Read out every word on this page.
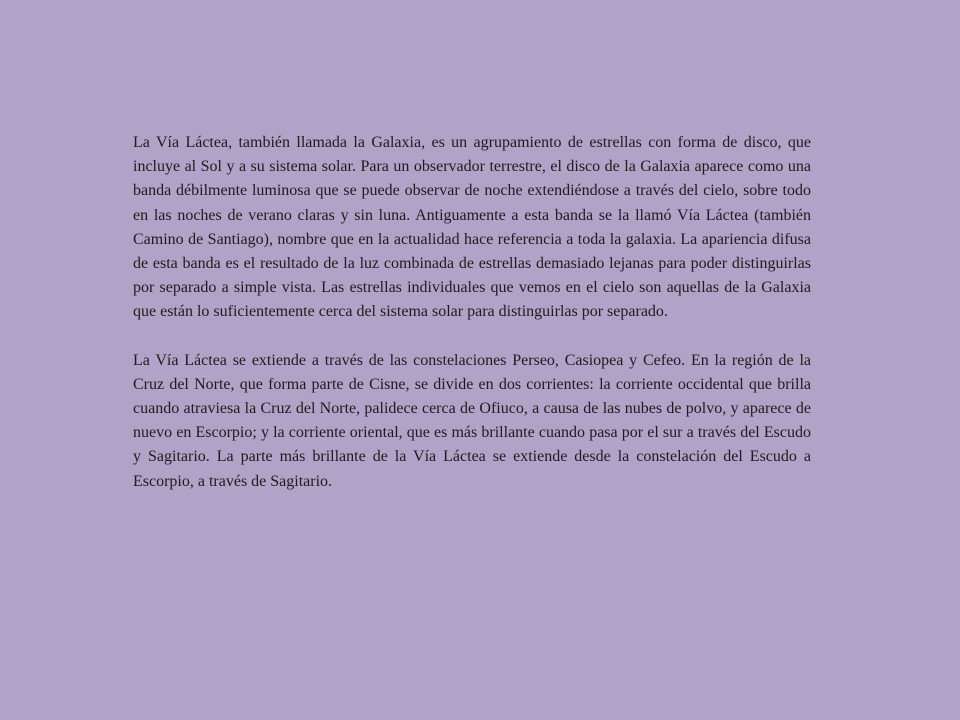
La Vía Láctea, también llamada la Galaxia, es un agrupamiento de estrellas con forma de disco, que incluye al Sol y a su sistema solar. Para un observador terrestre, el disco de la Galaxia aparece como una banda débilmente luminosa que se puede observar de noche extendiéndose a través del cielo, sobre todo en las noches de verano claras y sin luna. Antiguamente a esta banda se la llamó Vía Láctea (también Camino de Santiago), nombre que en la actualidad hace referencia a toda la galaxia. La apariencia difusa de esta banda es el resultado de la luz combinada de estrellas demasiado lejanas para poder distinguirlas por separado a simple vista. Las estrellas individuales que vemos en el cielo son aquellas de la Galaxia que están lo suficientemente cerca del sistema solar para distinguirlas por separado.

La Vía Láctea se extiende a través de las constelaciones Perseo, Casiopea y Cefeo. En la región de la Cruz del Norte, que forma parte de Cisne, se divide en dos corrientes: la corriente occidental que brilla cuando atraviesa la Cruz del Norte, palidece cerca de Ofiuco, a causa de las nubes de polvo, y aparece de nuevo en Escorpio; y la corriente oriental, que es más brillante cuando pasa por el sur a través del Escudo y Sagitario. La parte más brillante de la Vía Láctea se extiende desde la constelación del Escudo a Escorpio, a través de Sagitario.
